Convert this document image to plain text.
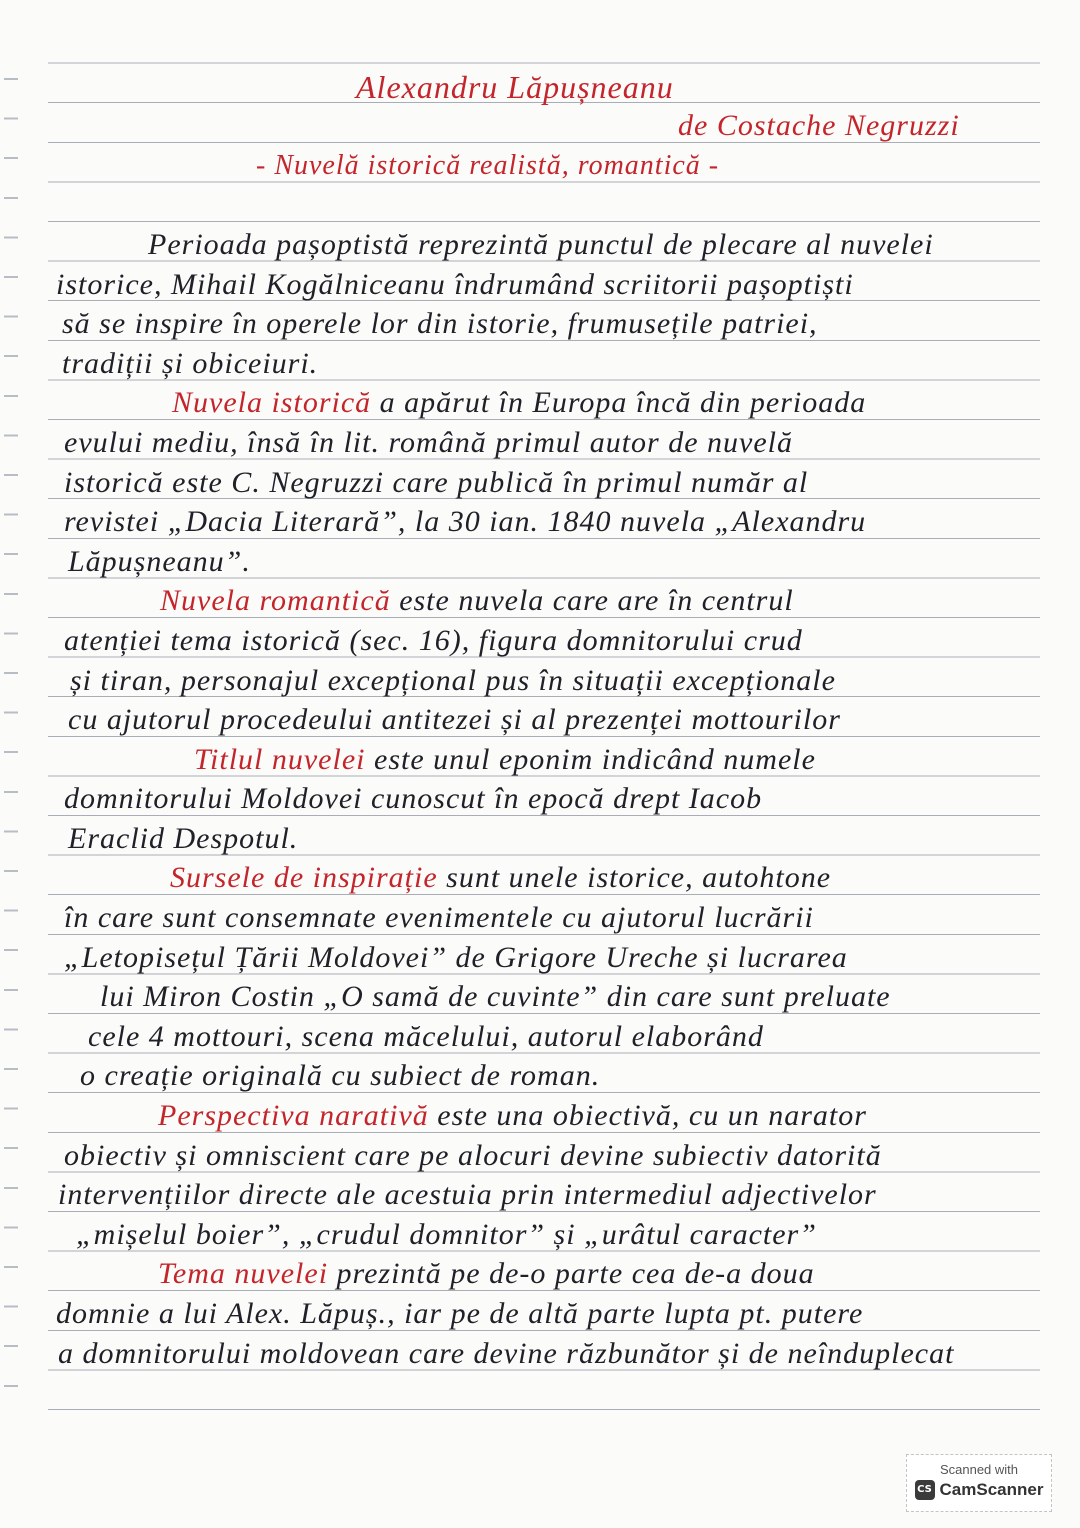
Alexandru Lăpușneanu
de Costache Negruzzi
- Nuvelă istorică realistă, romantică -
Perioada pașoptistă reprezintă punctul de plecare al nuvelei
istorice, Mihail Kogălniceanu îndrumând scriitorii pașoptiști
să se inspire în operele lor din istorie, frumusețile patriei,
tradiții și obiceiuri.
Nuvela istorică a apărut în Europa încă din perioada
evului mediu, însă în lit. română primul autor de nuvelă
istorică este C. Negruzzi care publică în primul număr al
revistei „Dacia Literară”, la 30 ian. 1840 nuvela „Alexandru
Lăpușneanu”.
Nuvela romantică este nuvela care are în centrul
atenției tema istorică (sec. 16), figura domnitorului crud
și tiran, personajul excepțional pus în situații excepționale
cu ajutorul procedeului antitezei și al prezenței mottourilor
Titlul nuvelei este unul eponim indicând numele
domnitorului Moldovei cunoscut în epocă drept Iacob
Eraclid Despotul.
Sursele de inspirație sunt unele istorice, autohtone
în care sunt consemnate evenimentele cu ajutorul lucrării
„Letopisețul Țării Moldovei” de Grigore Ureche și lucrarea
lui Miron Costin „O samă de cuvinte” din care sunt preluate
cele 4 mottouri, scena măcelului, autorul elaborând
o creație originală cu subiect de roman.
Perspectiva narativă este una obiectivă, cu un narator
obiectiv și omniscient care pe alocuri devine subiectiv datorită
intervențiilor directe ale acestuia prin intermediul adjectivelor
„mișelul boier”, „crudul domnitor” și „urâtul caracter”
Tema nuvelei prezintă pe de-o parte cea de-a doua
domnie a lui Alex. Lăpuș., iar pe de altă parte lupta pt. putere
a domnitorului moldovean care devine răzbunător și de neînduplecat
Scanned with
CS CamScanner
